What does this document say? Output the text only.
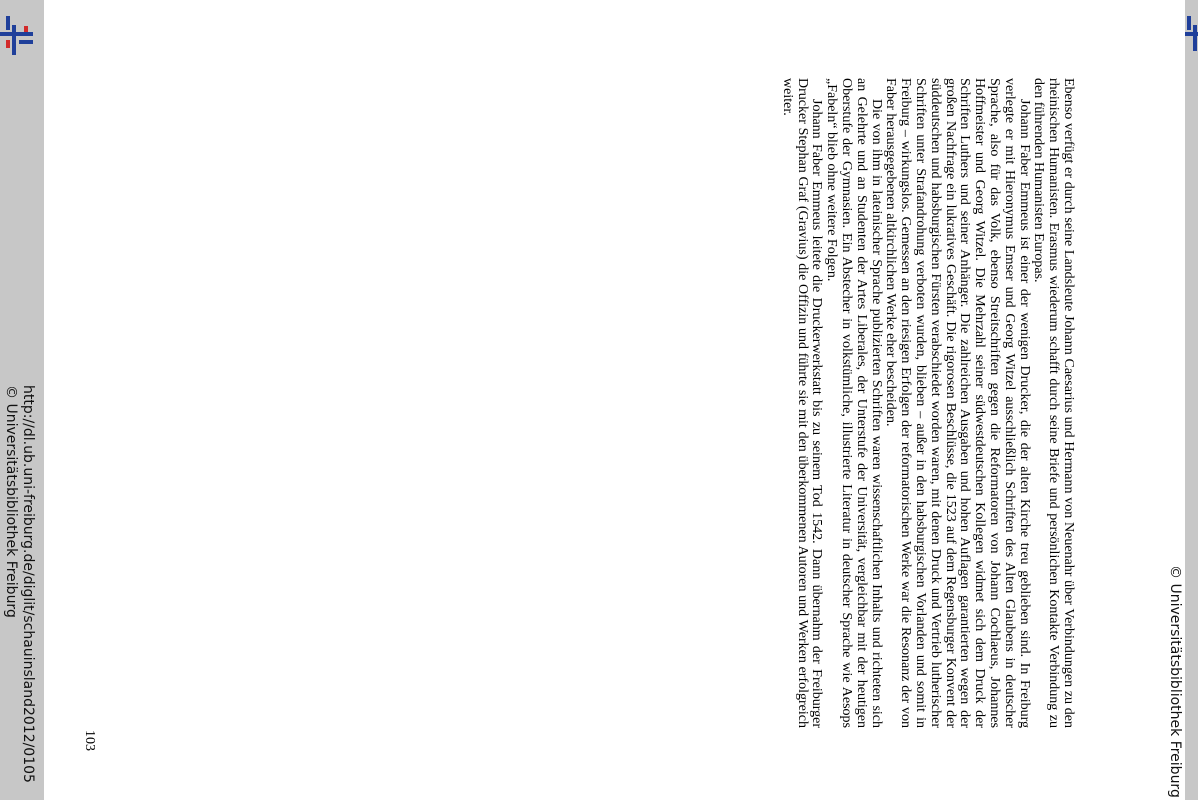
http://dl.ub.uni-freiburg.de/diglit/schauinsland2012/0105
© Universitätsbibliothek Freiburg
© Universitätsbibliothek Freiburg

Ebenso verfügt er durch seine Landsleute Johann Caesarius und Hermann von Neuenahr über Verbindungen zu den rheinischen Humanisten. Erasmus wiederum schafft durch seine Briefe und persönlichen Kontakte Verbindung zu den führenden Humanisten Europas.

Johann Faber Emmeus ist einer der wenigen Drucker, die der alten Kirche treu geblieben sind. In Freiburg verlegte er mit Hieronymus Emser und Georg Witzel ausschließlich Schriften des Alten Glaubens in deutscher Sprache, also für das Volk, ebenso Streitschriften gegen die Reformatoren von Johann Cochlaeus, Johannes Hoffmeister und Georg Witzel. Die Mehrzahl seiner südwestdeutschen Kollegen widmet sich dem Druck der Schriften Luthers und seiner Anhänger. Die zahlreichen Ausgaben und hohen Auflagen garantierten wegen der großen Nachfrage ein lukratives Geschäft. Die rigorosen Beschlüsse, die 1523 auf dem Regensburger Konvent der süddeutschen und habsburgischen Fürsten verabschiedet worden waren, mit denen Druck und Vertrieb lutherischer Schriften unter Strafandrohung verboten wurden, blieben – außer in den habsburgischen Vorlanden und somit in Freiburg – wirkungslos. Gemessen an den riesigen Erfolgen der reformatorischen Werke war die Resonanz der von Faber herausgegebenen altkirchlichen Werke eher bescheiden.

Die von ihm in lateinischer Sprache publizierten Schriften waren wissenschaftlichen Inhalts und richteten sich an Gelehrte und an Studenten der Artes Liberales, der Unterstufe der Universität, vergleichbar mit der heutigen Oberstufe der Gymnasien. Ein Abstecher in volkstümliche, illustrierte Literatur in deutscher Sprache wie Aesops „Fabeln“ blieb ohne weitere Folgen.

Johann Faber Emmeus leitete die Druckerwerkstatt bis zu seinem Tod 1542. Dann übernahm der Freiburger Drucker Stephan Graf (Gravius) die Offizin und führte sie mit den überkommenen Autoren und Werken erfolgreich weiter.

103
